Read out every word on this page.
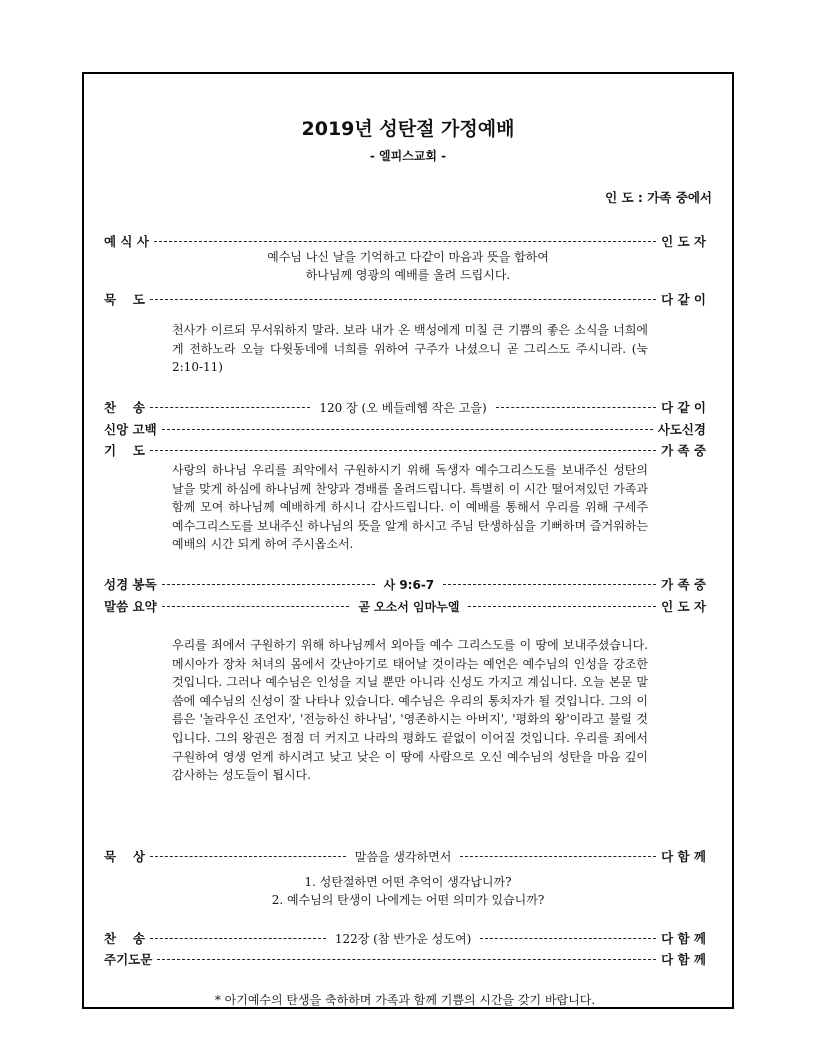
2019년 성탄절 가정예배
- 엘피스교회 -
인 도 : 가족 중에서
예 식 사	인 도 자
예수님 나신 날을 기억하고 다같이 마음과 뜻을 합하여
하나님께 영광의 예배를 올려 드립시다.
묵　 도	다 같 이
천사가 이르되 무서워하지 말라. 보라 내가 온 백성에게 미칠 큰 기쁨의 좋은 소식을 너희에게 전하노라 오늘 다윗동네에 너희를 위하여 구주가 나셨으니 곧 그리스도 주시니라. (눅 2:10-11)
찬　 송	120 장 (오 베들레헴 작은 고을)	다 같 이
신앙 고백	사도신경
기　 도	가 족 중
사랑의 하나님 우리를 죄악에서 구원하시기 위해 독생자 예수그리스도를 보내주신 성탄의 날을 맞게 하심에 하나님께 찬양과 경배를 올려드립니다. 특별히 이 시간 떨어져있던 가족과 함께 모여 하나님께 예배하게 하시니 감사드립니다. 이 예배를 통해서 우리를 위해 구세주 예수그리스도를 보내주신 하나님의 뜻을 알게 하시고 주님 탄생하심을 기뻐하며 즐거워하는 예배의 시간 되게 하여 주시옵소서.
성경 봉독	사 9:6-7	가 족 중
말씀 요약	곧 오소서 임마누엘	인 도 자
우리를 죄에서 구원하기 위해 하나님께서 외아들 예수 그리스도를 이 땅에 보내주셨습니다. 메시아가 장차 처녀의 몸에서 갓난아기로 태어날 것이라는 예언은 예수님의 인성을 강조한 것입니다. 그러나 예수님은 인성을 지닐 뿐만 아니라 신성도 가지고 계십니다. 오늘 본문 말씀에 예수님의 신성이 잘 나타나 있습니다. 예수님은 우리의 통치자가 될 것입니다. 그의 이름은 '놀라우신 조언자', '전능하신 하나님', '영존하시는 아버지', '평화의 왕'이라고 불릴 것입니다. 그의 왕권은 점점 더 커지고 나라의 평화도 끝없이 이어질 것입니다. 우리를 죄에서 구원하여 영생 얻게 하시려고 낮고 낮은 이 땅에 사람으로 오신 예수님의 성탄을 마음 깊이 감사하는 성도들이 됩시다.
묵　 상	말씀을 생각하면서	다 함 께
1. 성탄절하면 어떤 추억이 생각납니까?
2. 예수님의 탄생이 나에게는 어떤 의미가 있습니까?
찬　 송	122장 (참 반가운 성도여)	다 함 께
주기도문	다 함 께
* 아기예수의 탄생을 축하하며 가족과 함께 기쁨의 시간을 갖기 바랍니다.
